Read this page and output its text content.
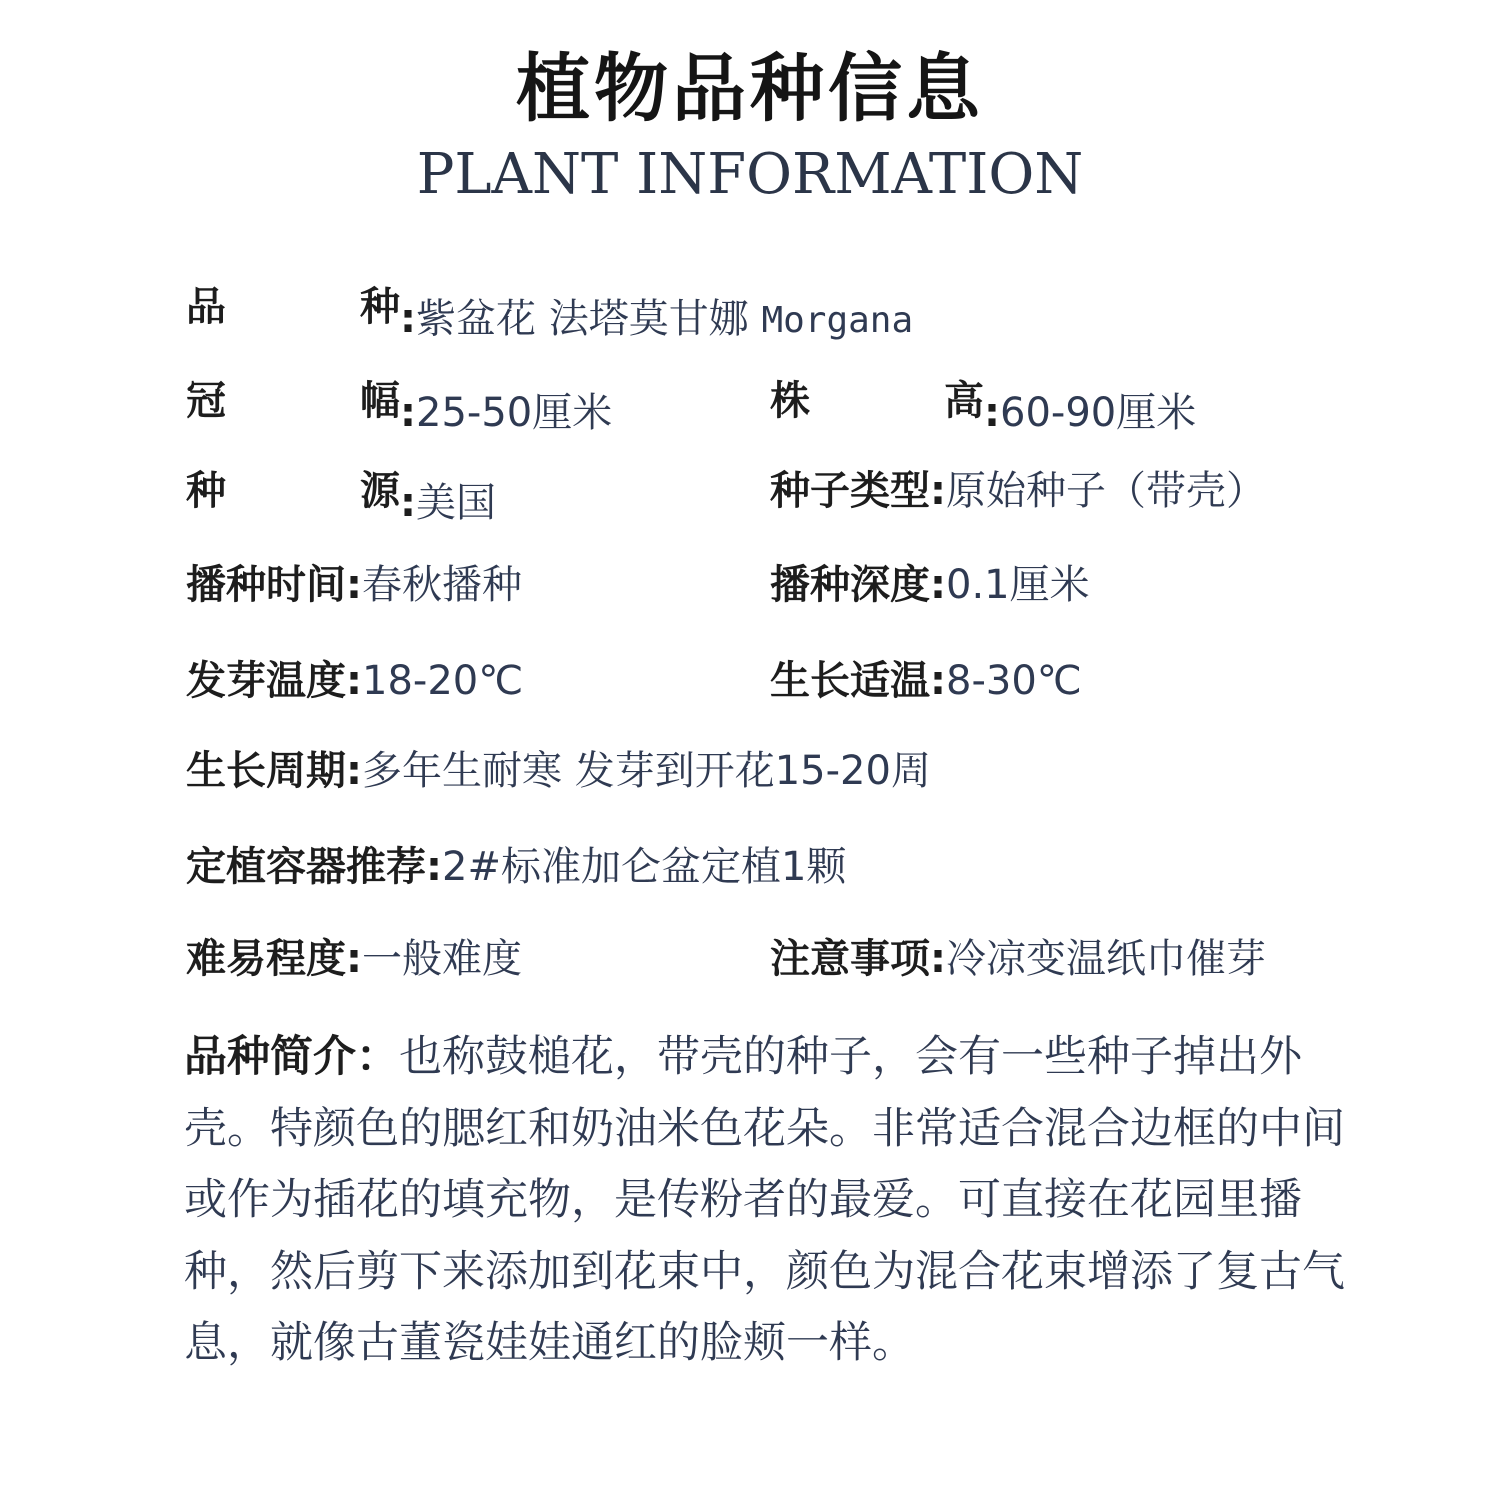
植物品种信息
PLANT INFORMATION
品	种 :紫盆花 法塔莫甘娜 Morgana
冠	幅 :25-50厘米	株	高 :60-90厘米
种	源 :美国	种子类型:原始种子（带壳）
播种时间:春秋播种	播种深度:0.1厘米
发芽温度:18-20℃	生长适温:8-30℃
生长周期:多年生耐寒 发芽到开花15-20周
定植容器推荐:2#标准加仑盆定植1颗
难易程度:一般难度	注意事项:冷凉变温纸巾催芽
品种简介：也称鼓槌花，带壳的种子，会有一些种子掉出外壳。特颜色的腮红和奶油米色花朵。非常适合混合边框的中间或作为插花的填充物，是传粉者的最爱。可直接在花园里播种，然后剪下来添加到花束中，颜色为混合花束增添了复古气息，就像古董瓷娃娃通红的脸颊一样。
